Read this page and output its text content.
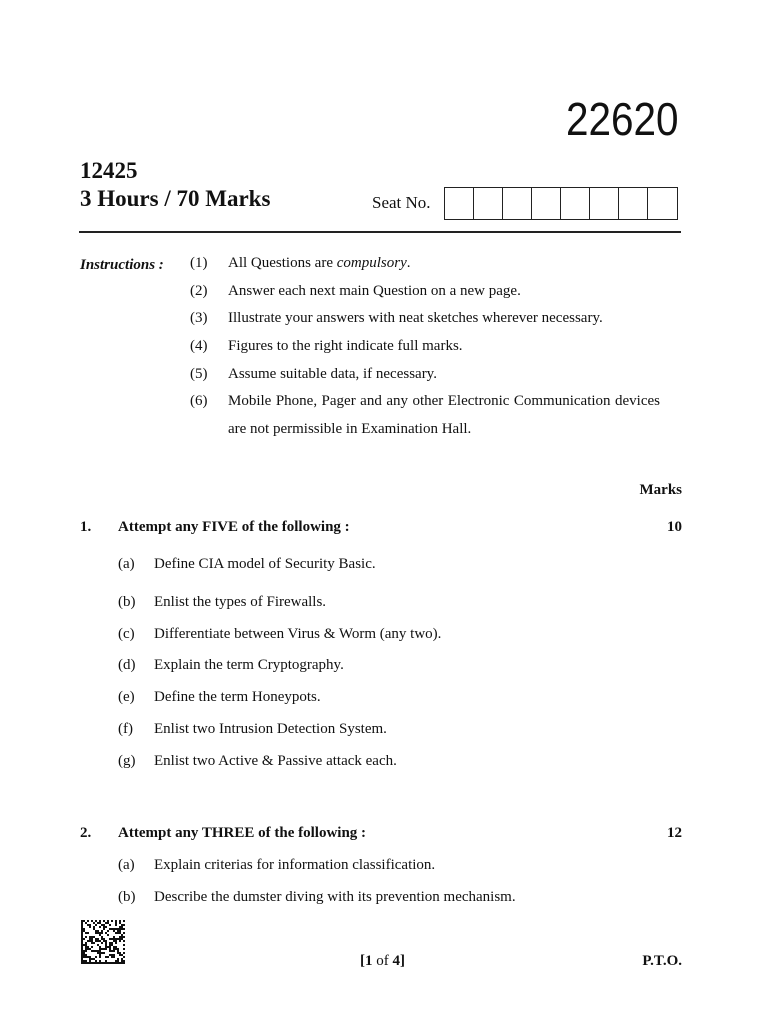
22620
12425
3 Hours / 70 Marks	Seat No.
Instructions : (1)	All Questions are compulsory.
(2)	Answer each next main Question on a new page.
(3)	Illustrate your answers with neat sketches wherever necessary.
(4)	Figures to the right indicate full marks.
(5)	Assume suitable data, if necessary.
(6)	Mobile Phone, Pager and any other Electronic Communication devices are not permissible in Examination Hall.
Marks
1. Attempt any FIVE of the following :	10
(a) Define CIA model of Security Basic.
(b) Enlist the types of Firewalls.
(c) Differentiate between Virus & Worm (any two).
(d) Explain the term Cryptography.
(e) Define the term Honeypots.
(f) Enlist two Intrusion Detection System.
(g) Enlist two Active & Passive attack each.
2. Attempt any THREE of the following :	12
(a) Explain criterias for information classification.
(b) Describe the dumster diving with its prevention mechanism.
[1 of 4]	P.T.O.
